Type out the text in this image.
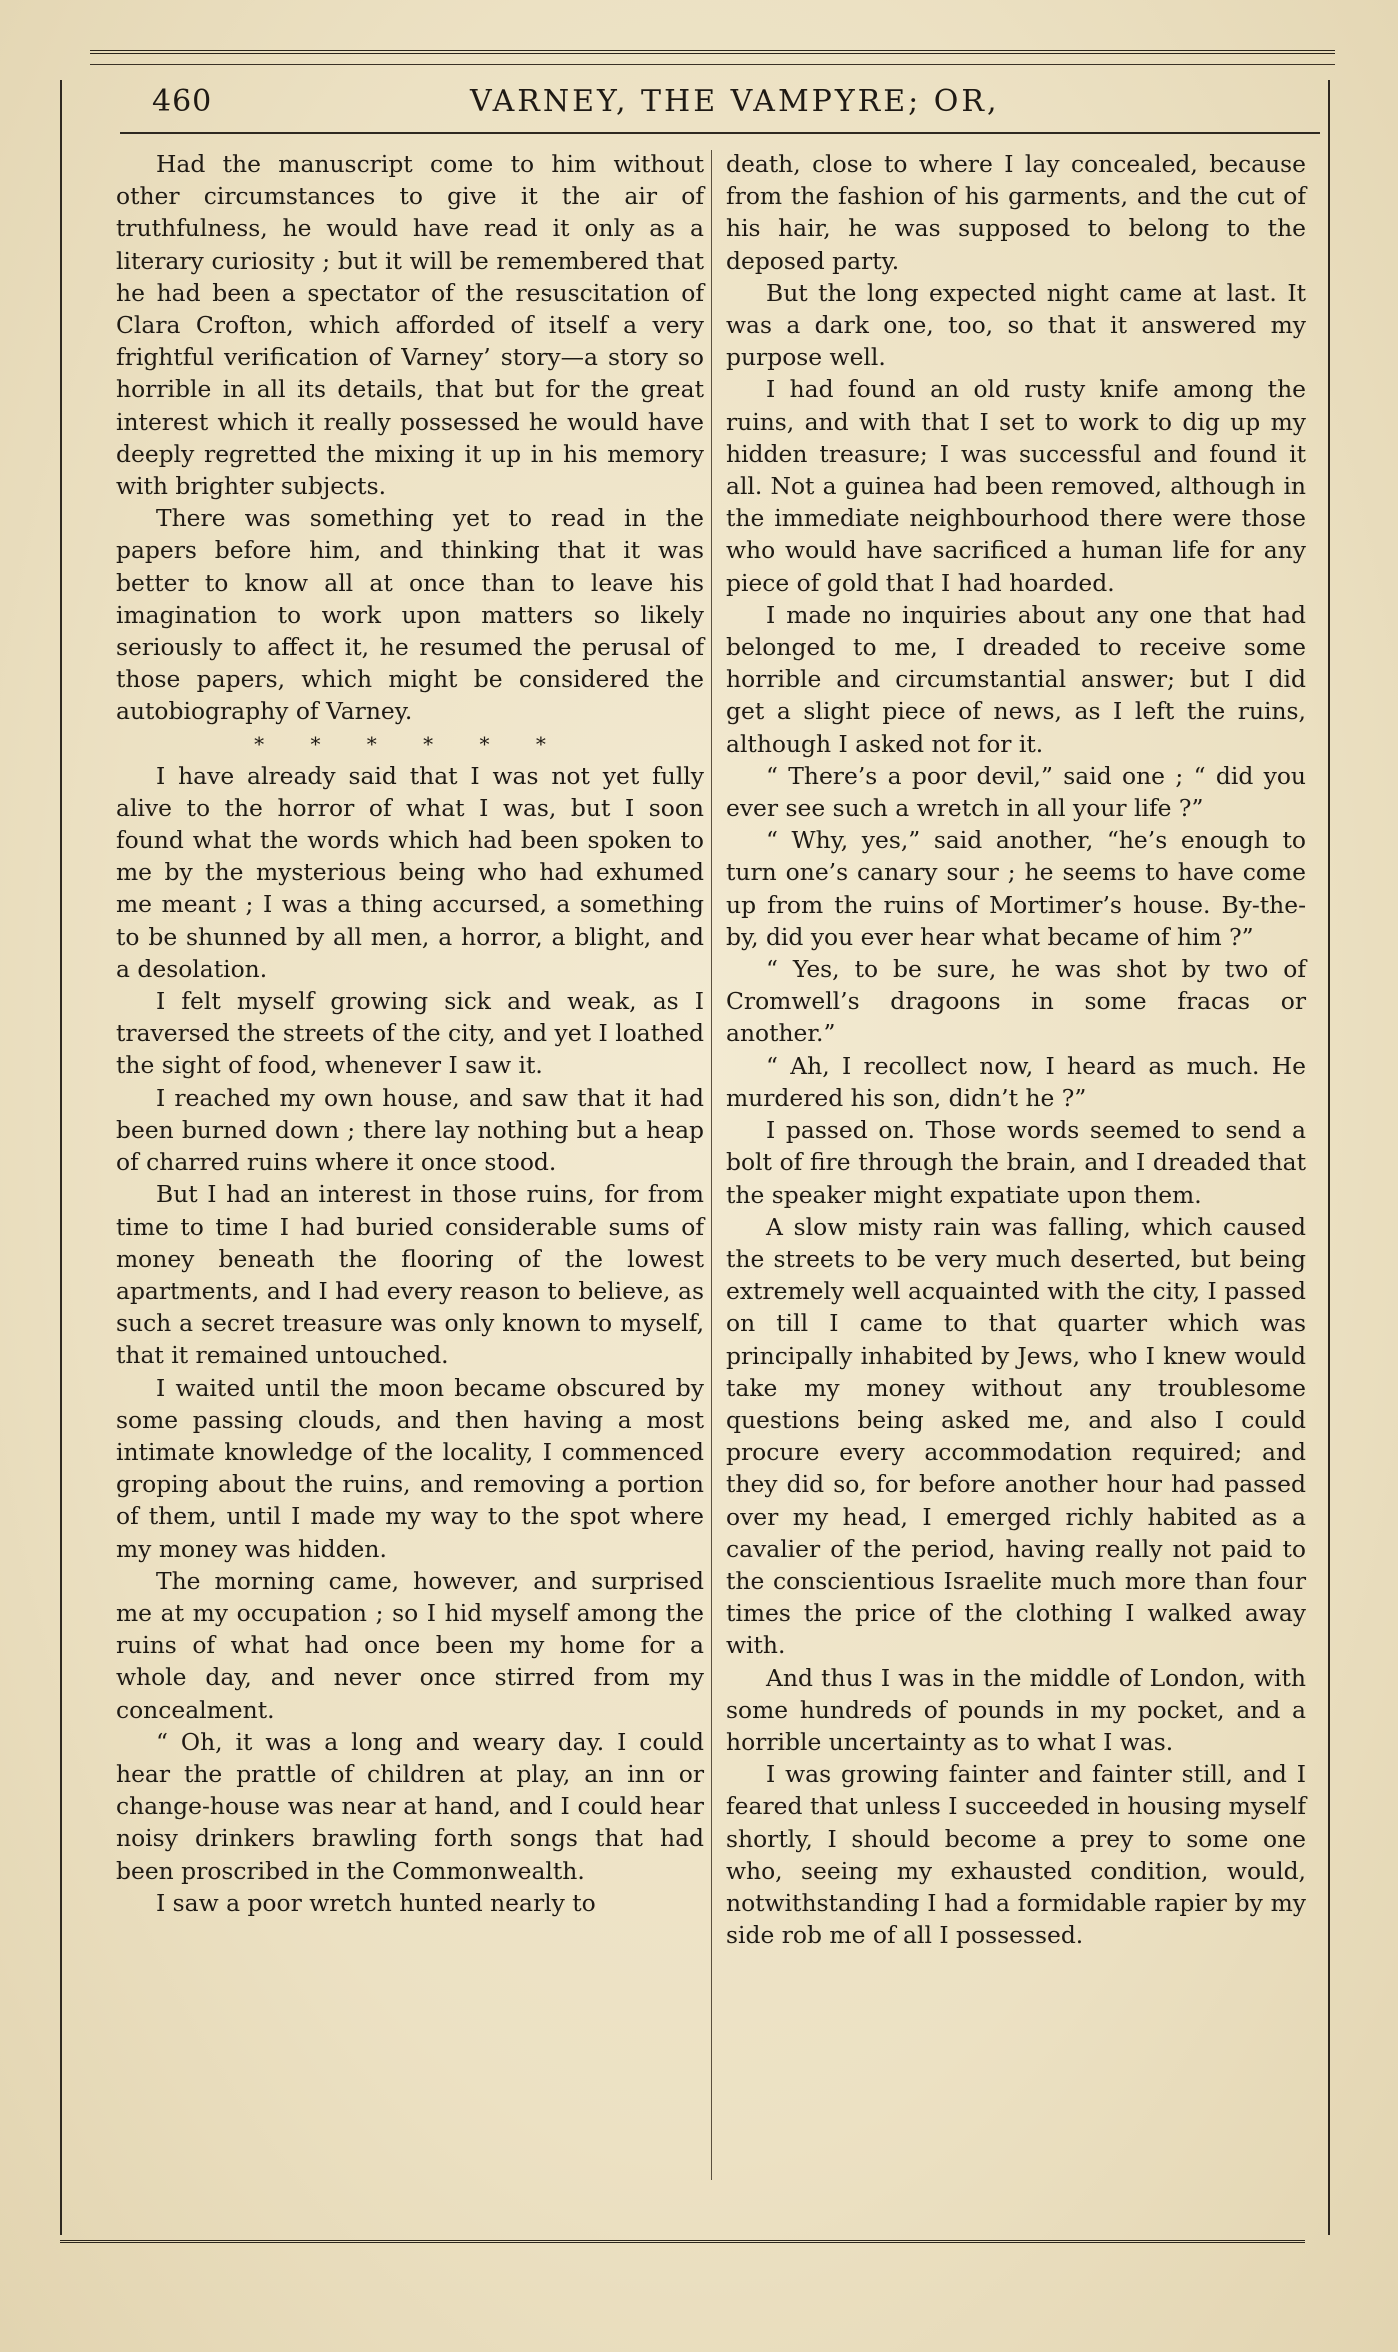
460	VARNEY, THE VAMPYRE; OR,

Had the manuscript come to him without other circumstances to give it the air of truthfulness, he would have read it only as a literary curiosity ; but it will be remembered that he had been a spectator of the resuscitation of Clara Crofton, which afforded of itself a very frightful verification of Varney’ story—a story so horrible in all its details, that but for the great interest which it really possessed he would have deeply regretted the mixing it up in his memory with brighter subjects.

There was something yet to read in the papers before him, and thinking that it was better to know all at once than to leave his imagination to work upon matters so likely seriously to affect it, he resumed the perusal of those papers, which might be considered the autobiography of Varney.

* * * * * *

I have already said that I was not yet fully alive to the horror of what I was, but I soon found what the words which had been spoken to me by the mysterious being who had exhumed me meant ; I was a thing accursed, a something to be shunned by all men, a horror, a blight, and a desolation.

I felt myself growing sick and weak, as I traversed the streets of the city, and yet I loathed the sight of food, whenever I saw it.

I reached my own house, and saw that it had been burned down ; there lay nothing but a heap of charred ruins where it once stood.

But I had an interest in those ruins, for from time to time I had buried considerable sums of money beneath the flooring of the lowest apartments, and I had every reason to believe, as such a secret treasure was only known to myself, that it remained untouched.

I waited until the moon became obscured by some passing clouds, and then having a most intimate knowledge of the locality, I commenced groping about the ruins, and removing a portion of them, until I made my way to the spot where my money was hidden.

The morning came, however, and surprised me at my occupation ; so I hid myself among the ruins of what had once been my home for a whole day, and never once stirred from my concealment.

“ Oh, it was a long and weary day. I could hear the prattle of children at play, an inn or change-house was near at hand, and I could hear noisy drinkers brawling forth songs that had been proscribed in the Commonwealth.

I saw a poor wretch hunted nearly to

death, close to where I lay concealed, because from the fashion of his garments, and the cut of his hair, he was supposed to belong to the deposed party.

But the long expected night came at last. It was a dark one, too, so that it answered my purpose well.

I had found an old rusty knife among the ruins, and with that I set to work to dig up my hidden treasure; I was successful and found it all. Not a guinea had been removed, although in the immediate neighbourhood there were those who would have sacrificed a human life for any piece of gold that I had hoarded.

I made no inquiries about any one that had belonged to me, I dreaded to receive some horrible and circumstantial answer; but I did get a slight piece of news, as I left the ruins, although I asked not for it.

“ There’s a poor devil,” said one ; “ did you ever see such a wretch in all your life ?”

“ Why, yes,” said another, “he’s enough to turn one’s canary sour ; he seems to have come up from the ruins of Mortimer’s house. By-the-by, did you ever hear what became of him ?”

“ Yes, to be sure, he was shot by two of Cromwell’s dragoons in some fracas or another.”

“ Ah, I recollect now, I heard as much. He murdered his son, didn’t he ?”

I passed on. Those words seemed to send a bolt of fire through the brain, and I dreaded that the speaker might expatiate upon them.

A slow misty rain was falling, which caused the streets to be very much deserted, but being extremely well acquainted with the city, I passed on till I came to that quarter which was principally inhabited by Jews, who I knew would take my money without any troublesome questions being asked me, and also I could procure every accommodation required; and they did so, for before another hour had passed over my head, I emerged richly habited as a cavalier of the period, having really not paid to the conscientious Israelite much more than four times the price of the clothing I walked away with.

And thus I was in the middle of London, with some hundreds of pounds in my pocket, and a horrible uncertainty as to what I was.

I was growing fainter and fainter still, and I feared that unless I succeeded in housing myself shortly, I should become a prey to some one who, seeing my exhausted condition, would, notwithstanding I had a formidable rapier by my side rob me of all I possessed.
